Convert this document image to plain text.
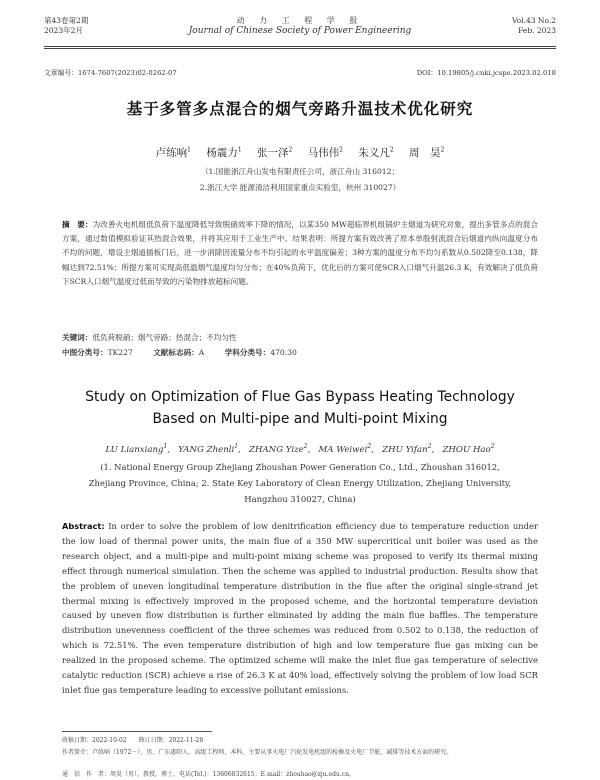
第43卷第2期
2023年2月
动 力 工 程 学 报
Journal of Chinese Society of Power Engineering
Vol.43 No.2
Feb. 2023
文章编号：1674-7607(2023)02-0262-07	DOI：10.19805/j.cnki.jcspe.2023.02.018
基于多管多点混合的烟气旁路升温技术优化研究
卢练响$^1$ 杨震力$^1$ 张一泽$^2$ 马伟伟$^2$ 朱义凡$^2$ 周　昊$^2$
（1.国能浙江舟山发电有限责任公司，浙江舟山 316012；
2.浙江大学 能源清洁利用国家重点实验室，杭州 310027）
摘　要：为改善火电机组低负荷下温度降低导致脱硝效率下降的情况，以某350 MW超临界机组锅炉主烟道为研究对象，提出多管多点的混合方案，通过数值模拟验证其热混合效果，并将其应用于工业生产中。结果表明：所提方案有效改善了原本单股射流混合后烟道内纵向温度分布不均的问题，增设主烟道插板门后，进一步消除因流量分布不均引起的水平温度偏差；3种方案的温度分布不均匀系数从0.502降至0.138，降幅达到72.51%；所提方案可实现高低温烟气温度均匀分布；在40%负荷下，优化后的方案可使SCR入口烟气升温26.3 K，有效解决了低负荷下SCR入口烟气温度过低而导致的污染物排放超标问题。
关键词：低负荷脱硝；烟气旁路；热混合；不均匀性
中图分类号：TK227	文献标志码：A	学科分类号：470.30
Study on Optimization of Flue Gas Bypass Heating Technology
Based on Multi-pipe and Multi-point Mixing
LU Lianxiang$^1$,   YANG Zhenli$^1$,   ZHANG Yize$^2$,   MA Weiwei$^2$,   ZHU Yifan$^2$,   ZHOU Hao$^2$
(1. National Energy Group Zhejiang Zhoushan Power Generation Co., Ltd., Zhoushan 316012,
Zhejiang Province, China; 2. State Key Laboratory of Clean Energy Utilization, Zhejiang University,
Hangzhou 310027, China)
Abstract: In order to solve the problem of low denitrification efficiency due to temperature reduction under the low load of thermal power units, the main flue of a 350 MW supercritical unit boiler was used as the research object, and a multi-pipe and multi-point mixing scheme was proposed to verify its thermal mixing effect through numerical simulation. Then the scheme was applied to industrial production. Results show that the problem of uneven longitudinal temperature distribution in the flue after the original single-strand jet thermal mixing is effectively improved in the proposed scheme, and the horizontal temperature deviation caused by uneven flow distribution is further eliminated by adding the main flue baffles. The temperature distribution unevenness coefficient of the three schemes was reduced from 0.502 to 0.138, the reduction of which is 72.51%. The even temperature distribution of high and low temperature flue gas mixing can be realized in the proposed scheme. The optimized scheme will make the inlet flue gas temperature of selective catalytic reduction (SCR) achieve a rise of 26.3 K at 40% load, effectively solving the problem of low load SCR inlet flue gas temperature leading to excessive pollutant emissions.
收稿日期：2022-10-02　　修订日期：2022-11-28
作者简介：卢练响（1972－），男，广东惠阳人，高级工程师，本科，主要从事火电厂汽轮发电机组的检修及火电厂节能、减排等技术方面的研究。
通　信　作　者：周昊（男），教授，博士，电话(Tel.)：13606832615；E-mail：zhouhao@zju.edu.cn。
